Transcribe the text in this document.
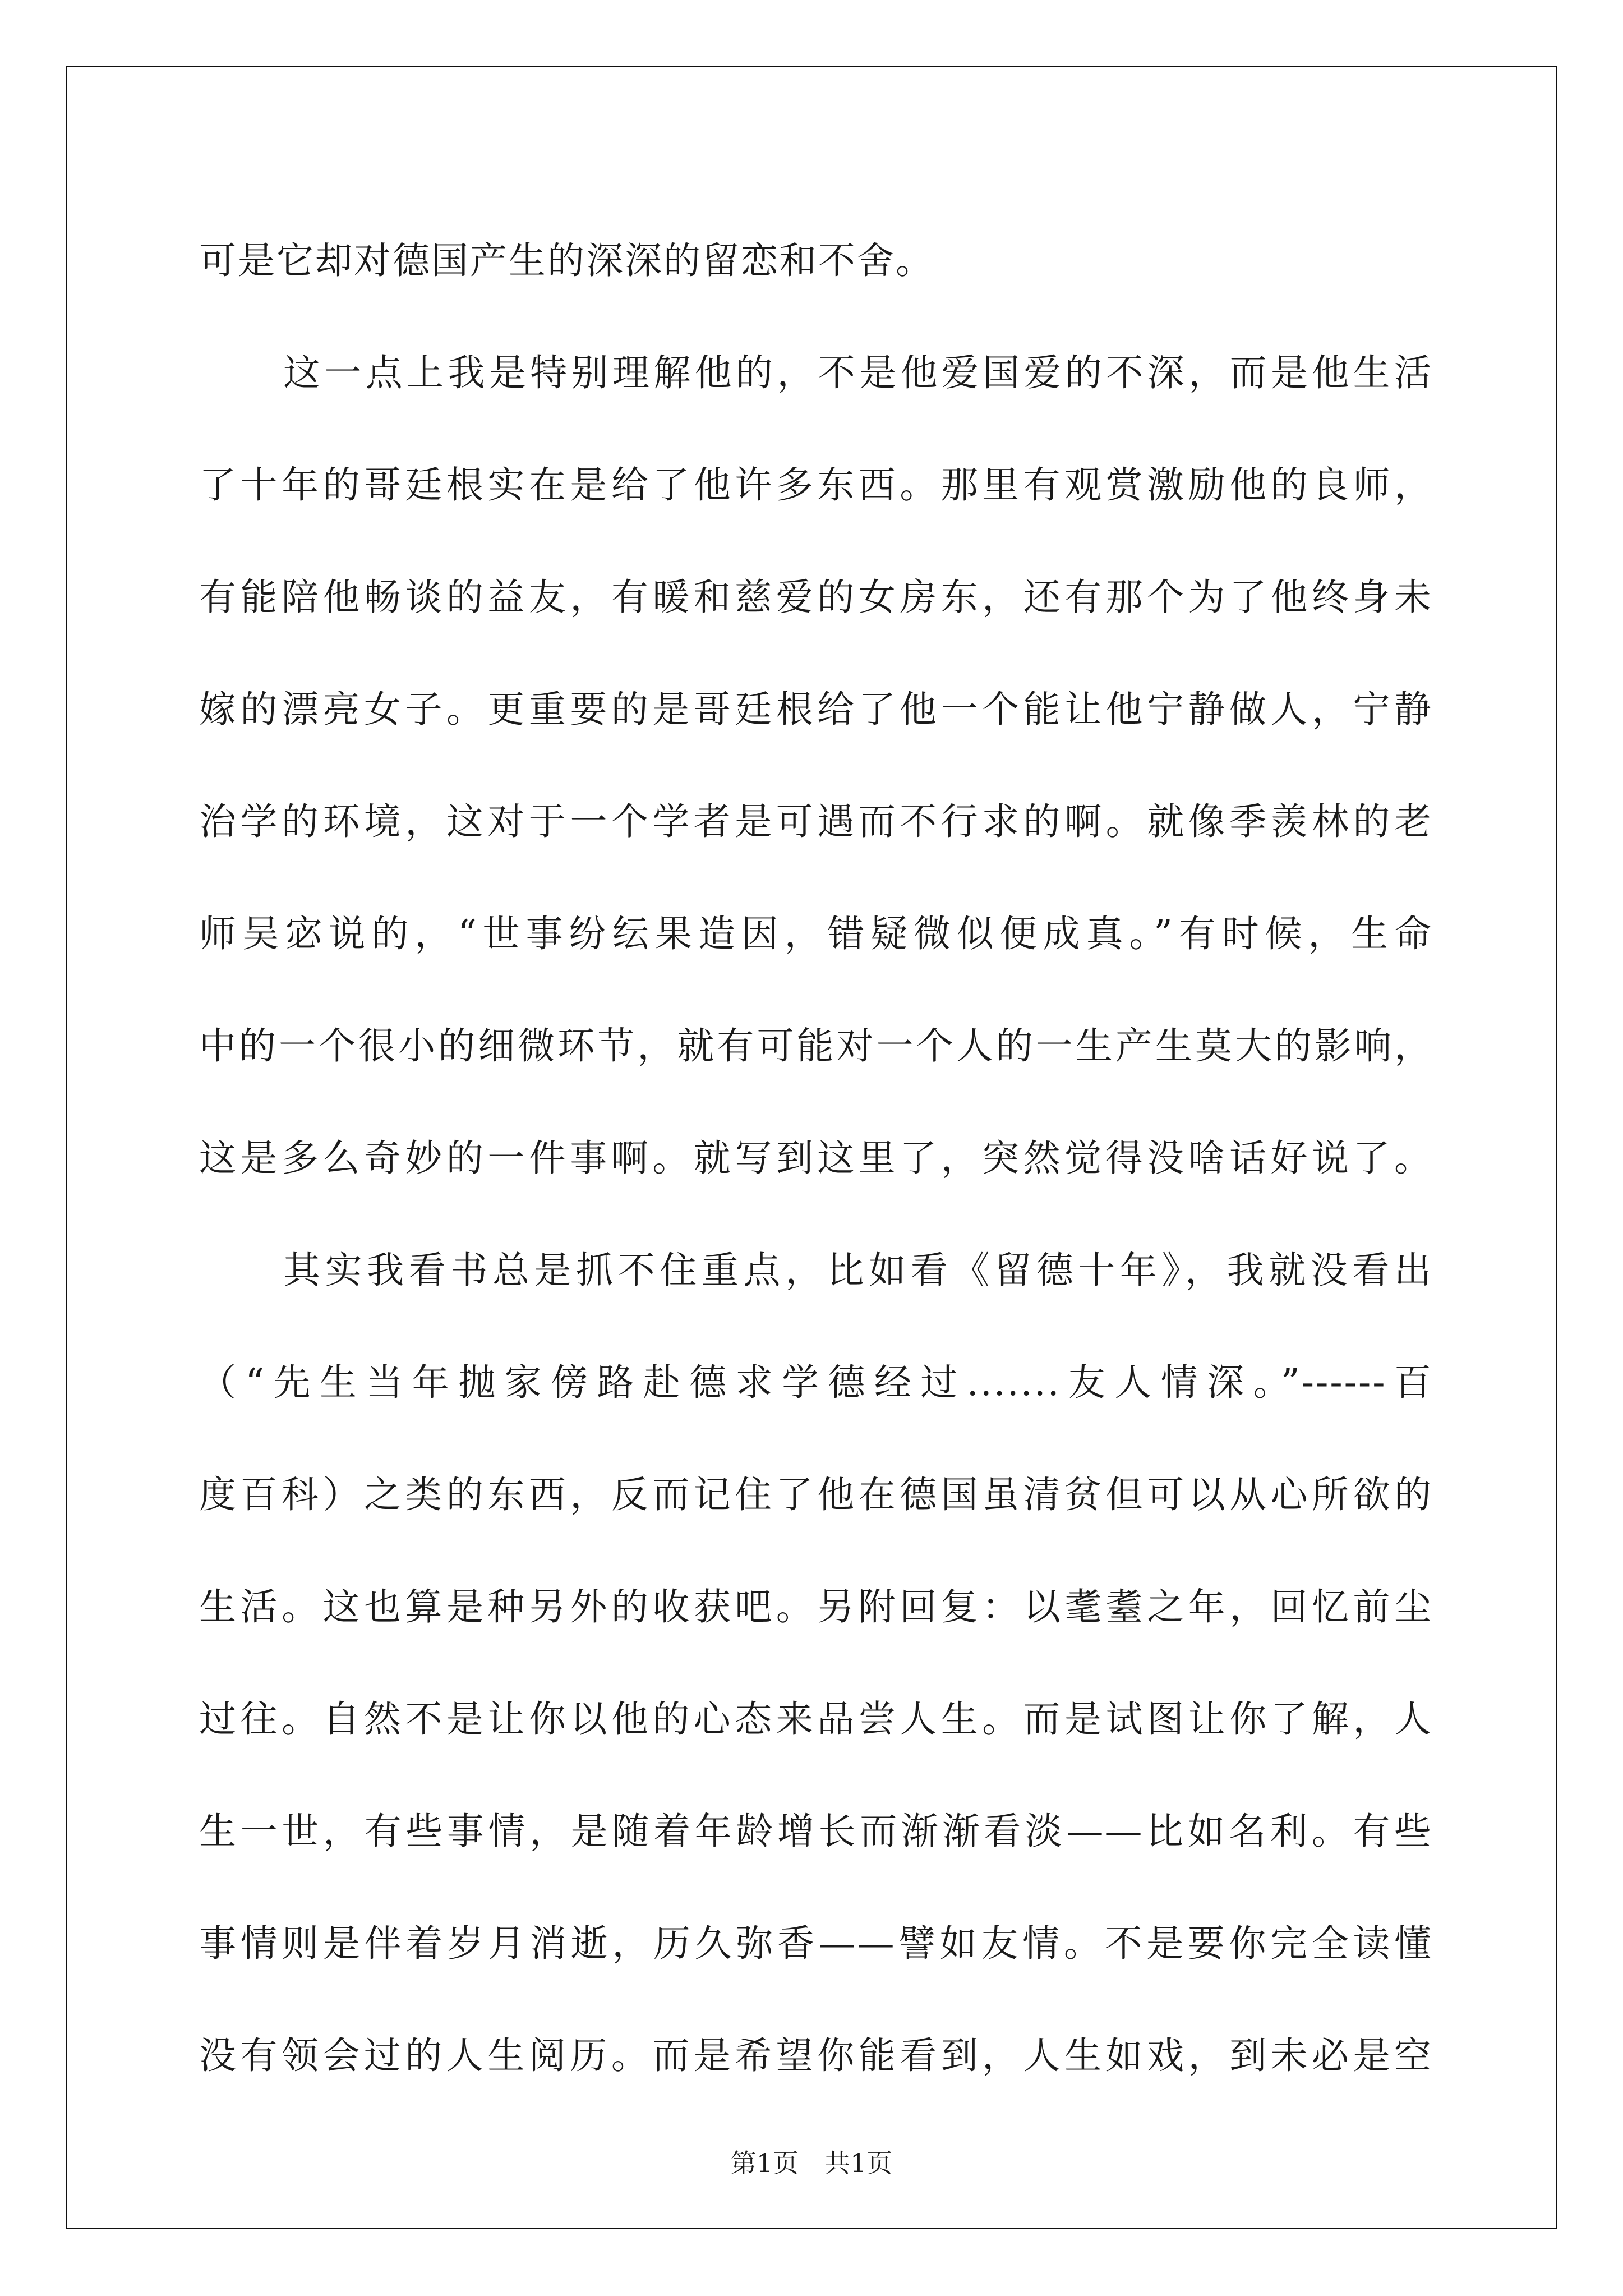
可是它却对德国产生的深深的留恋和不舍。
这一点上我是特别理解他的，不是他爱国爱的不深，而是他生活
了十年的哥廷根实在是给了他许多东西。那里有观赏激励他的良师，
有能陪他畅谈的益友，有暖和慈爱的女房东，还有那个为了他终身未
嫁的漂亮女子。更重要的是哥廷根给了他一个能让他宁静做人，宁静
治学的环境，这对于一个学者是可遇而不行求的啊。就像季羡林的老
师吴宓说的，“世事纷纭果造因，错疑微似便成真。”有时候，生命
中的一个很小的细微环节，就有可能对一个人的一生产生莫大的影响，
这是多么奇妙的一件事啊。就写到这里了，突然觉得没啥话好说了。
其实我看书总是抓不住重点，比如看《留德十年》，我就没看出
（“先生当年抛家傍路赴德求学德经过.......友人情深。”------百
度百科）之类的东西，反而记住了他在德国虽清贫但可以从心所欲的
生活。这也算是种另外的收获吧。另附回复：以耄耋之年，回忆前尘
过往。自然不是让你以他的心态来品尝人生。而是试图让你了解，人
生一世，有些事情，是随着年龄增长而渐渐看淡——比如名利。有些
事情则是伴着岁月消逝，历久弥香——譬如友情。不是要你完全读懂
没有领会过的人生阅历。而是希望你能看到，人生如戏，到未必是空
第1页　共1页
